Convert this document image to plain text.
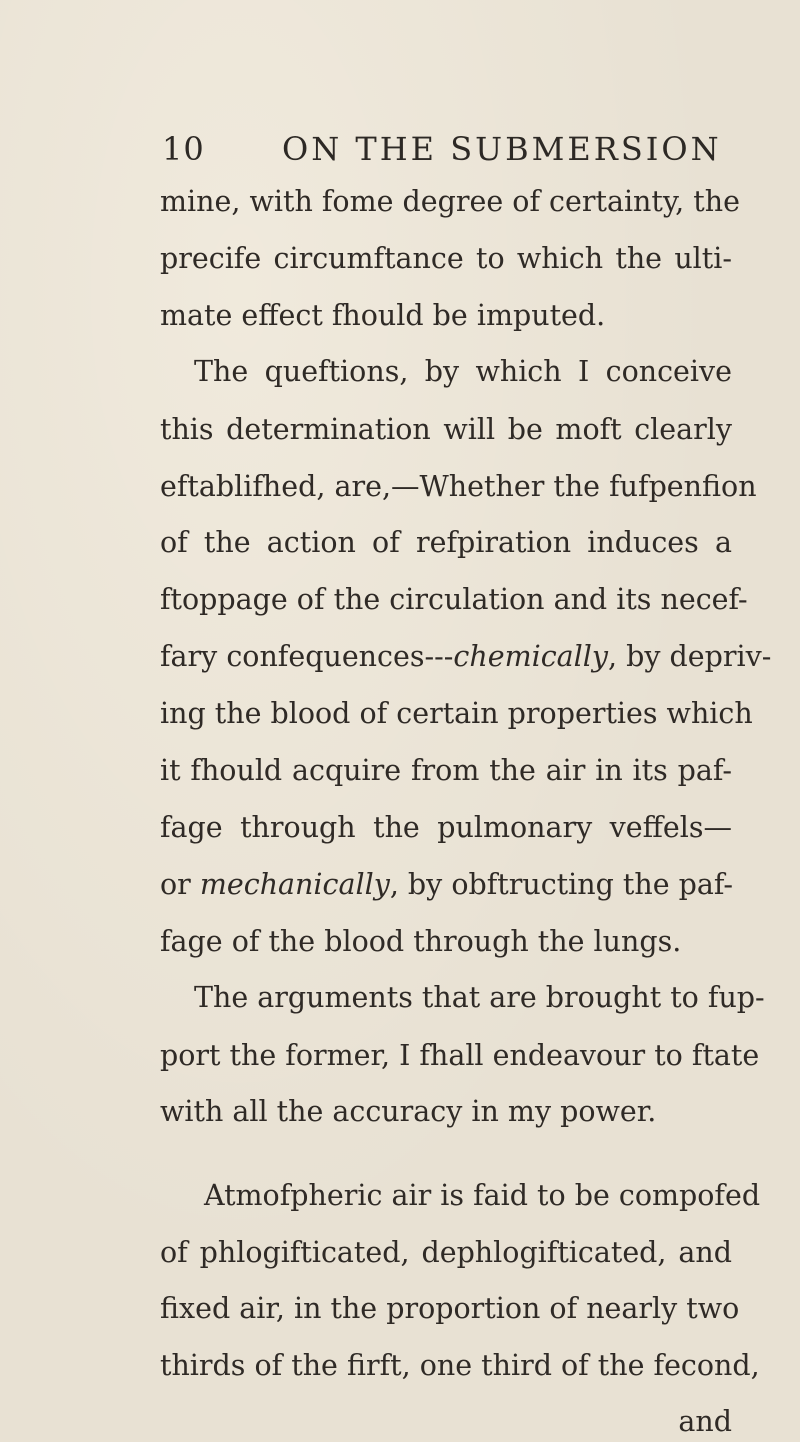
10 ON THE SUBMERSION
mine, with fome degree of certainty, the
precife circumftance to which the ulti-
mate effect fhould be imputed.
The queftions, by which I conceive
this determination will be moft clearly
eftablifhed, are,—Whether the fufpenfion
of the action of refpiration induces a
ftoppage of the circulation and its necef-
fary confequences---chemically, by depriv-
ing the blood of certain properties which
it fhould acquire from the air in its paf-
fage through the pulmonary veffels—
or mechanically, by obftructing the paf-
fage of the blood through the lungs.
The arguments that are brought to fup-
port the former, I fhall endeavour to ftate
with all the accuracy in my power.
Atmofpheric air is faid to be compofed
of phlogifticated, dephlogifticated, and
fixed air, in the proportion of nearly two
thirds of the firft, one third of the fecond,
and
